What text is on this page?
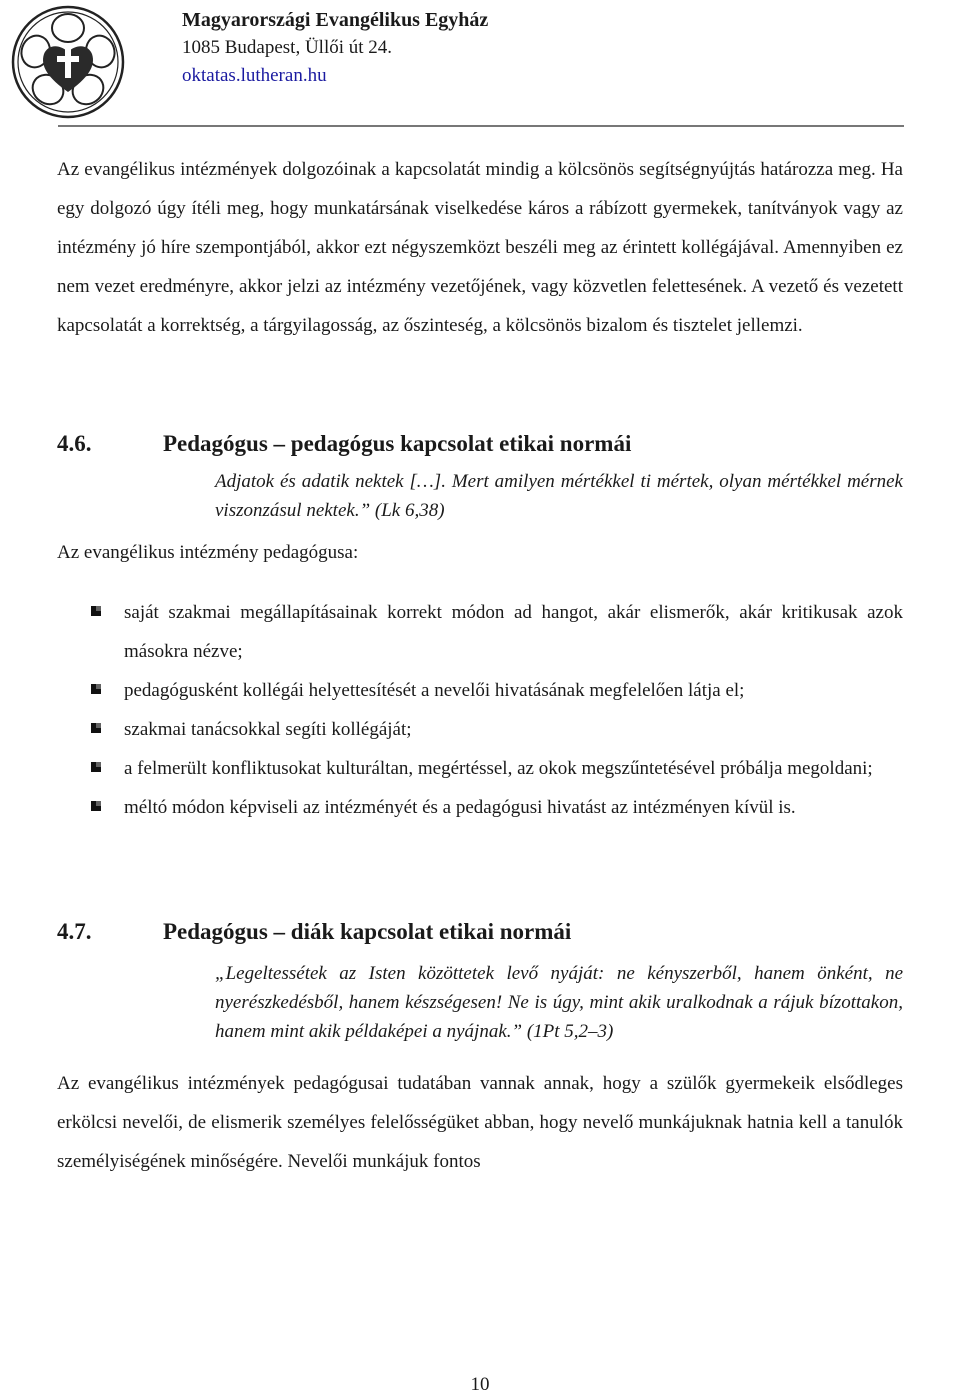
Magyarországi Evangélikus Egyház
1085 Budapest, Üllői út 24.
oktatas.lutheran.hu

Az evangélikus intézmények dolgozóinak a kapcsolatát mindig a kölcsönös segítségnyújtás határozza meg. Ha egy dolgozó úgy ítéli meg, hogy munkatársának viselkedése káros a rábízott gyermekek, tanítványok vagy az intézmény jó híre szempontjából, akkor ezt négyszemközt beszéli meg az érintett kollégájával. Amennyiben ez nem vezet eredményre, akkor jelzi az intézmény vezetőjének, vagy közvetlen felettesének. A vezető és vezetett kapcsolatát a korrektség, a tárgyilagosság, az őszinteség, a kölcsönös bizalom és tisztelet jellemzi.

4.6.	Pedagógus – pedagógus kapcsolat etikai normái

Adjatok és adatik nektek […]. Mert amilyen mértékkel ti mértek, olyan mértékkel mérnek viszonzásul nektek.” (Lk 6,38)

Az evangélikus intézmény pedagógusa:

saját szakmai megállapításainak korrekt módon ad hangot, akár elismerők, akár kritikusak azok másokra nézve;
pedagógusként kollégái helyettesítését a nevelői hivatásának megfelelően látja el;
szakmai tanácsokkal segíti kollégáját;
a felmerült konfliktusokat kulturáltan, megértéssel, az okok megszűntetésével próbálja megoldani;
méltó módon képviseli az intézményét és a pedagógusi hivatást az intézményen kívül is.
4.7.	Pedagógus – diák kapcsolat etikai normái

„Legeltessétek az Isten közöttetek levő nyáját: ne kényszerből, hanem önként, ne nyerészkedésből, hanem készségesen! Ne is úgy, mint akik uralkodnak a rájuk bízottakon, hanem mint akik példaképei a nyájnak.” (1Pt 5,2–3)

Az evangélikus intézmények pedagógusai tudatában vannak annak, hogy a szülők gyermekeik elsődleges erkölcsi nevelői, de elismerik személyes felelősségüket abban, hogy nevelő munkájuknak hatnia kell a tanulók személyiségének minőségére. Nevelői munkájuk fontos

10
